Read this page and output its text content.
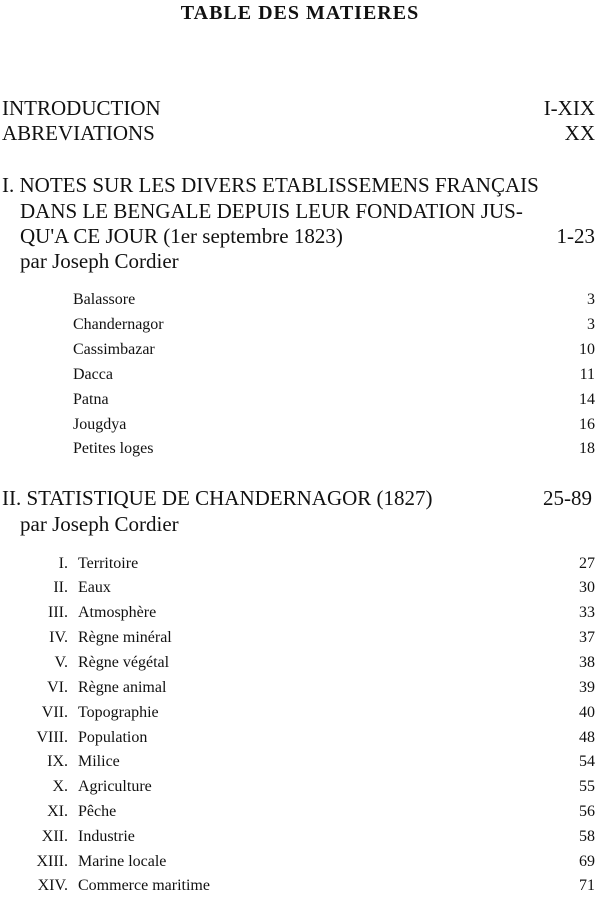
TABLE DES MATIERES
INTRODUCTION	I-XIX
ABREVIATIONS	XX
I. NOTES SUR LES DIVERS ETABLISSEMENS FRANÇAIS
DANS LE BENGALE DEPUIS LEUR FONDATION JUS-
QU'A CE JOUR (1er septembre 1823)	1-23
par Joseph Cordier
Balassore	3
Chandernagor	3
Cassimbazar	10
Dacca	11
Patna	14
Jougdya	16
Petites loges	18
II. STATISTIQUE DE CHANDERNAGOR (1827)	25-89
par Joseph Cordier
I. Territoire	27
II. Eaux	30
III. Atmosphère	33
IV. Règne minéral	37
V. Règne végétal	38
VI. Règne animal	39
VII. Topographie	40
VIII. Population	48
IX. Milice	54
X. Agriculture	55
XI. Pêche	56
XII. Industrie	58
XIII. Marine locale	69
XIV. Commerce maritime	71
